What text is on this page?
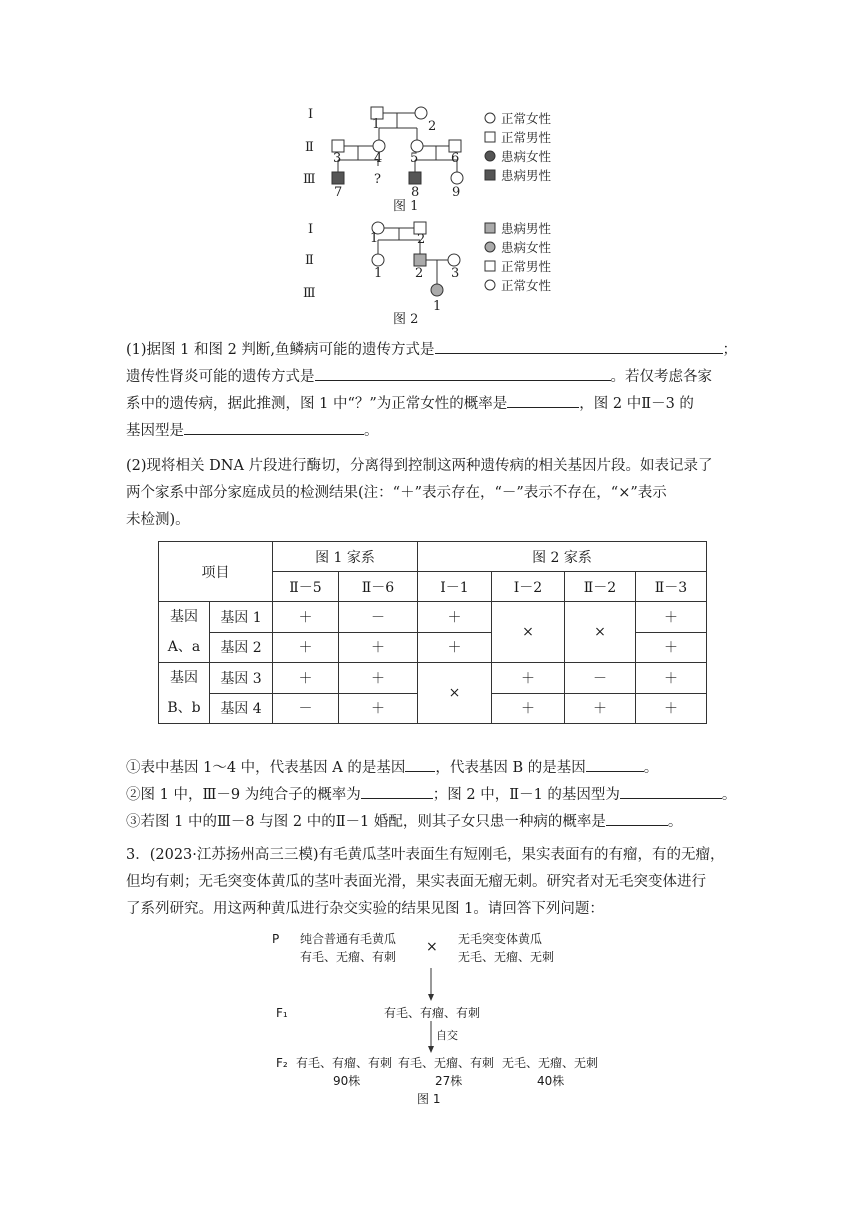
Ⅰ
Ⅱ
Ⅲ
1	2
3	4 5	6
7
?
8	9
图 1
正常女性
正常男性
患病女性
患病男性
Ⅰ
Ⅱ
Ⅲ
1	2
1	2 3
1
图 2
患病男性
患病女性
正常男性
正常女性
(1)据图 1 和图 2 判断,鱼鳞病可能的遗传方式是	；
遗传性肾炎可能的遗传方式是	。若仅考虑各家
系中的遗传病，据此推测，图 1 中“？”为正常女性的概率是	，图 2 中Ⅱ－3 的
基因型是	。
(2)现将相关 DNA 片段进行酶切，分离得到控制这两种遗传病的相关基因片段。如表记录了
两个家系中部分家庭成员的检测结果(注：“＋”表示存在，“－”表示不存在，“×”表示
未检测)。
项目		图 1 家系		图 2 家系			
		Ⅱ－5	Ⅱ－6	Ⅰ－1	Ⅰ－2	Ⅱ－2	Ⅱ－3

基因
A、a	基因 1	＋	－	＋	×	×	＋
	基因 2	＋	＋	＋			＋

基因
B、b	基因 3	＋	＋	×	＋	－	＋
	基因 4	－	＋		＋	＋	＋
①表中基因 1～4 中，代表基因 A 的是基因 ，代表基因 B 的是基因	。
②图 1 中，Ⅲ－9 为纯合子的概率为	；图 2 中，Ⅱ－1 的基因型为	。
③若图 1 中的Ⅲ－8 与图 2 中的Ⅱ－1 婚配，则其子女只患一种病的概率是	。
3．(2023·江苏扬州高三三模)有毛黄瓜茎叶表面生有短刚毛，果实表面有的有瘤，有的无瘤，
但均有刺；无毛突变体黄瓜的茎叶表面光滑，果实表面无瘤无刺。研究者对无毛突变体进行
了系列研究。用这两种黄瓜进行杂交实验的结果见图 1。请回答下列问题：
P 纯合普通有毛黄瓜
有毛、无瘤、有刺
× 无毛突变体黄瓜
无毛、无瘤、无刺
F₁	有毛、有瘤、有刺
自交
F₂ 有毛、有瘤、有刺 有毛、无瘤、有刺 无毛、无瘤、无刺
90株	27株	40株
图 1
